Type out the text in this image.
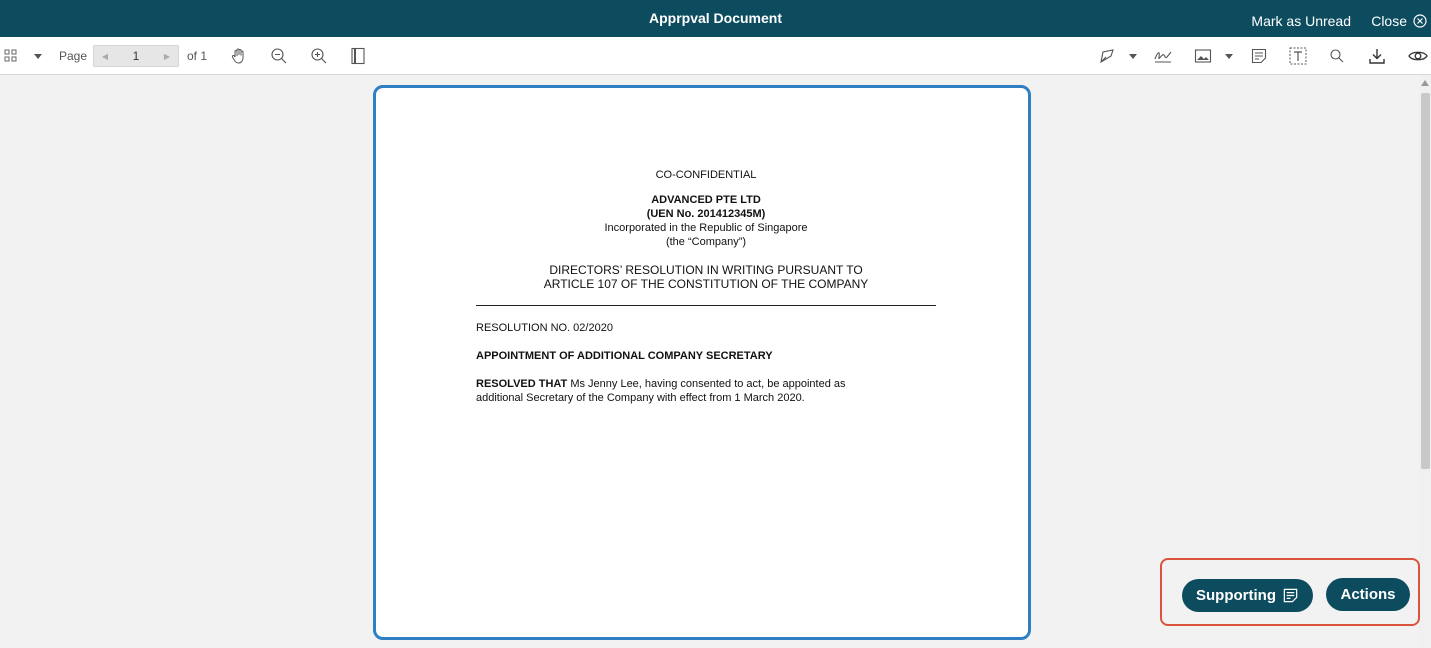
Apprpval Document	Mark as Unread Close
Page	◀
1	▶	of 1
CO-CONFIDENTIAL
ADVANCED PTE LTD
(UEN No. 201412345M)
Incorporated in the Republic of Singapore
(the “Company”)
DIRECTORS’ RESOLUTION IN WRITING PURSUANT TO
ARTICLE 107 OF THE CONSTITUTION OF THE COMPANY
RESOLUTION NO. 02/2020
APPOINTMENT OF ADDITIONAL COMPANY SECRETARY
RESOLVED THAT Ms Jenny Lee, having consented to act, be appointed as
additional Secretary of the Company with effect from 1 March 2020.
Supporting	Actions
